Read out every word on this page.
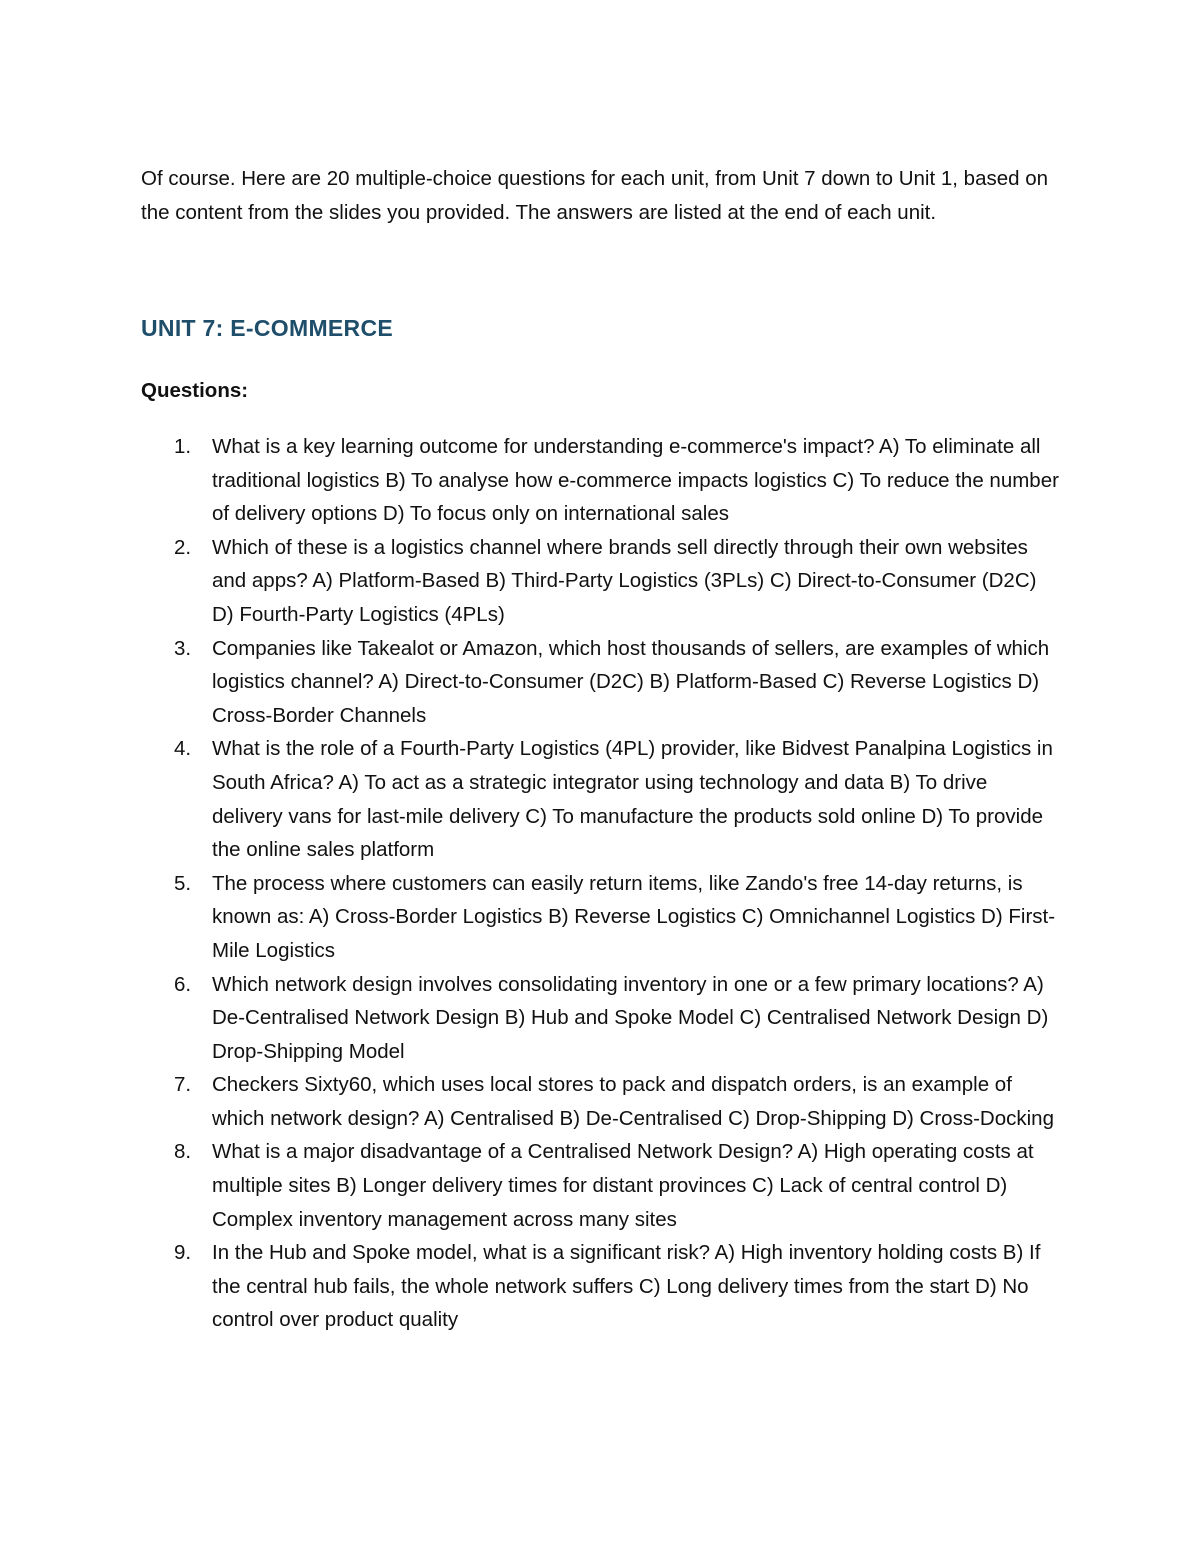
Of course. Here are 20 multiple-choice questions for each unit, from Unit 7 down to Unit 1, based on the content from the slides you provided. The answers are listed at the end of each unit.

UNIT 7: E-COMMERCE
Questions:
1.	What is a key learning outcome for understanding e-commerce's impact? A) To eliminate all traditional logistics B) To analyse how e-commerce impacts logistics C) To reduce the number of delivery options D) To focus only on international sales
2.	Which of these is a logistics channel where brands sell directly through their own websites and apps? A) Platform-Based B) Third-Party Logistics (3PLs) C) Direct-to-Consumer (D2C) D) Fourth-Party Logistics (4PLs)
3.	Companies like Takealot or Amazon, which host thousands of sellers, are examples of which logistics channel? A) Direct-to-Consumer (D2C) B) Platform-Based C) Reverse Logistics D) Cross-Border Channels
4.	What is the role of a Fourth-Party Logistics (4PL) provider, like Bidvest Panalpina Logistics in South Africa? A) To act as a strategic integrator using technology and data B) To drive delivery vans for last-mile delivery C) To manufacture the products sold online D) To provide the online sales platform
5.	The process where customers can easily return items, like Zando's free 14-day returns, is known as: A) Cross-Border Logistics B) Reverse Logistics C) Omnichannel Logistics D) First-Mile Logistics
6.	Which network design involves consolidating inventory in one or a few primary locations? A) De-Centralised Network Design B) Hub and Spoke Model C) Centralised Network Design D) Drop-Shipping Model
7.	Checkers Sixty60, which uses local stores to pack and dispatch orders, is an example of which network design? A) Centralised B) De-Centralised C) Drop-Shipping D) Cross-Docking
8.	What is a major disadvantage of a Centralised Network Design? A) High operating costs at multiple sites B) Longer delivery times for distant provinces C) Lack of central control D) Complex inventory management across many sites
9.	In the Hub and Spoke model, what is a significant risk? A) High inventory holding costs B) If the central hub fails, the whole network suffers C) Long delivery times from the start D) No control over product quality
